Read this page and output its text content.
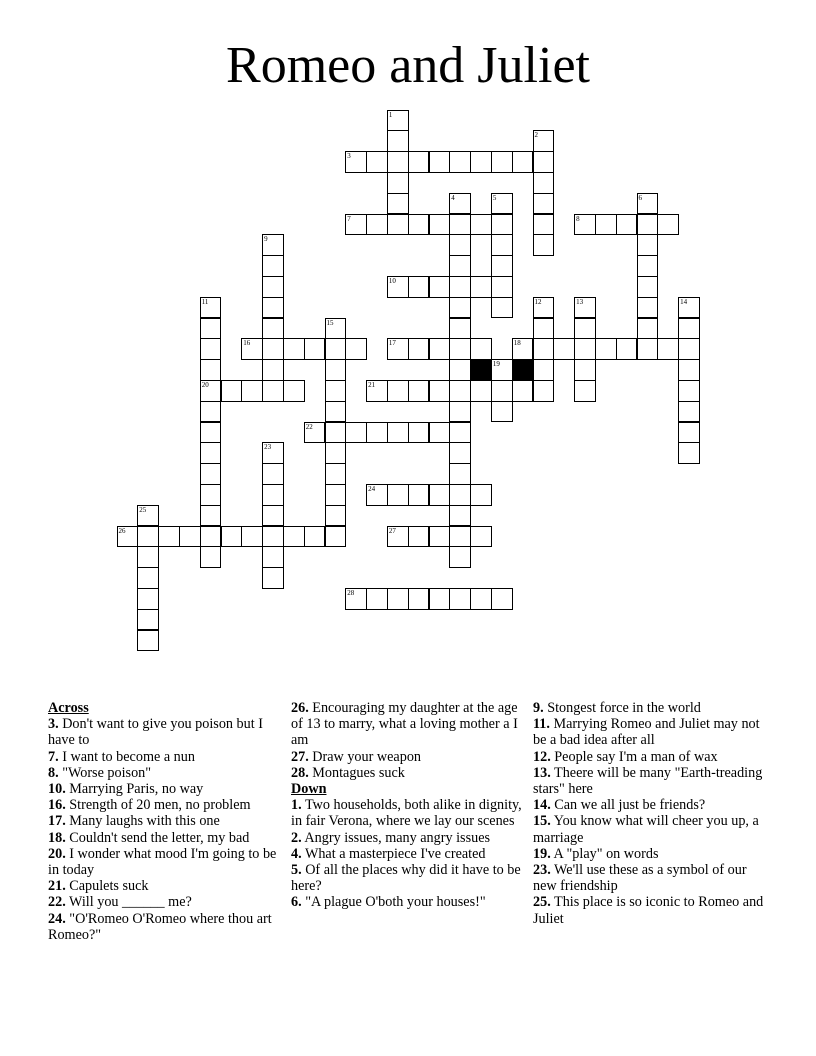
Romeo and Juliet
1
2
3
4	5	6
7	8
9
10
11
20
12	13	14
15
16	17	18
19
21
22
23
24
25
26	27
28
Across
3. Don't want to give you poison but I have to
7. I want to become a nun
8. "Worse poison"
10. Marrying Paris, no way
16. Strength of 20 men, no problem
17. Many laughs with this one
18. Couldn't send the letter, my bad
20. I wonder what mood I'm going to be in today
21. Capulets suck
22. Will you ______ me?
24. "O'Romeo O'Romeo where thou art Romeo?"
26. Encouraging my daughter at the age of 13 to marry, what a loving mother a I am
27. Draw your weapon
28. Montagues suck
Down
1. Two households, both alike in dignity, in fair Verona, where we lay our scenes
2. Angry issues, many angry issues
4. What a masterpiece I've created
5. Of all the places why did it have to be here?
6. "A plague O'both your houses!"
9. Stongest force in the world
11. Marrying Romeo and Juliet may not be a bad idea after all
12. People say I'm a man of wax
13. Theere will be many "Earth-treading stars" here
14. Can we all just be friends?
15. You know what will cheer you up, a marriage
19. A "play" on words
23. We'll use these as a symbol of our new friendship
25. This place is so iconic to Romeo and Juliet
